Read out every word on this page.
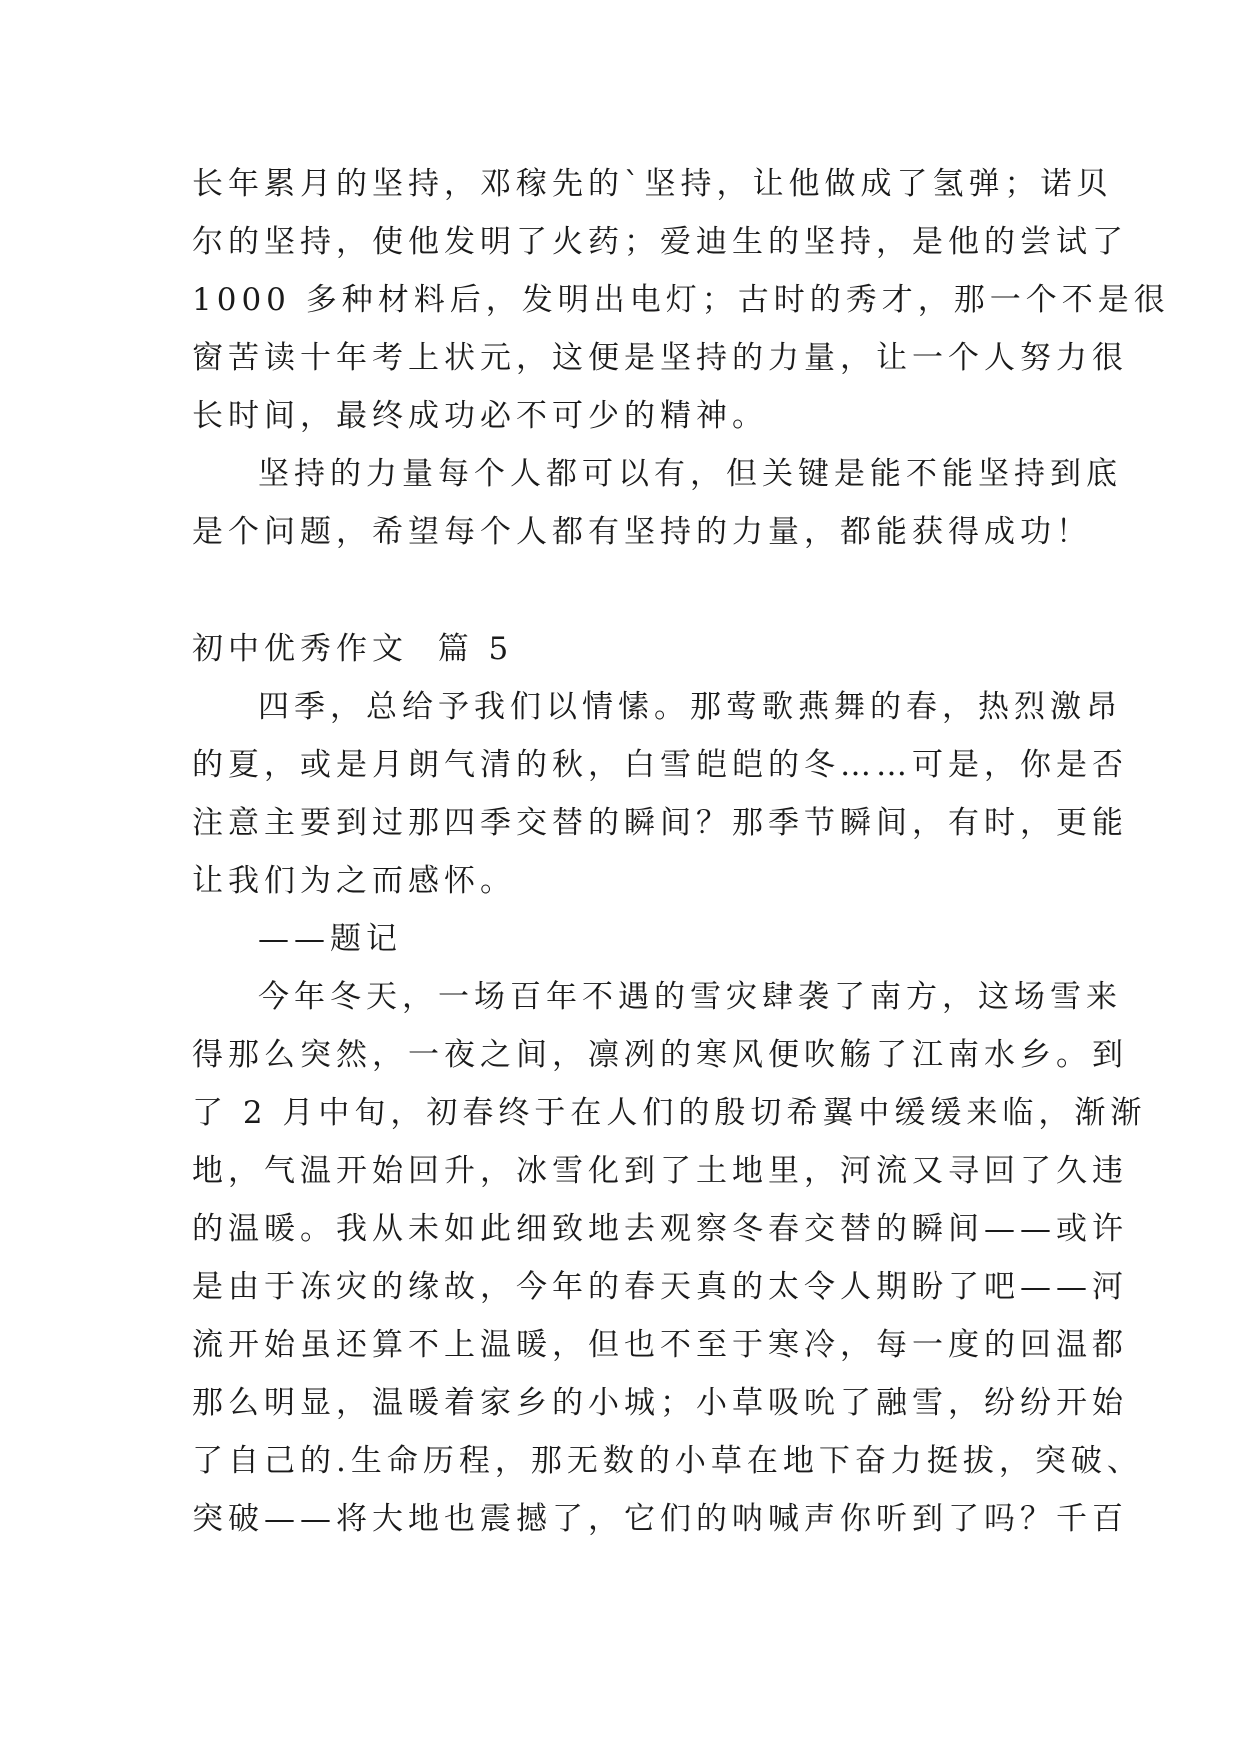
长年累月的坚持，邓稼先的`坚持，让他做成了氢弹；诺贝

尔的坚持，使他发明了火药；爱迪生的坚持，是他的尝试了

1000 多种材料后，发明出电灯；古时的秀才，那一个不是很

窗苦读十年考上状元，这便是坚持的力量，让一个人努力很

长时间，最终成功必不可少的精神。

坚持的力量每个人都可以有，但关键是能不能坚持到底

是个问题，希望每个人都有坚持的力量，都能获得成功！

初中优秀作文  篇 5

四季，总给予我们以情愫。那莺歌燕舞的春，热烈激昂

的夏，或是月朗气清的秋，白雪皑皑的冬……可是，你是否

注意主要到过那四季交替的瞬间？那季节瞬间，有时，更能

让我们为之而感怀。

——题记

今年冬天，一场百年不遇的雪灾肆袭了南方，这场雪来

得那么突然，一夜之间，凛冽的寒风便吹觞了江南水乡。到

了 2 月中旬，初春终于在人们的殷切希翼中缓缓来临，渐渐

地，气温开始回升，冰雪化到了土地里，河流又寻回了久违

的温暖。我从未如此细致地去观察冬春交替的瞬间——或许

是由于冻灾的缘故，今年的春天真的太令人期盼了吧——河

流开始虽还算不上温暖，但也不至于寒冷，每一度的回温都

那么明显，温暖着家乡的小城；小草吸吮了融雪，纷纷开始

了自己的.生命历程，那无数的小草在地下奋力挺拔，突破、

突破——将大地也震撼了，它们的呐喊声你听到了吗？千百
